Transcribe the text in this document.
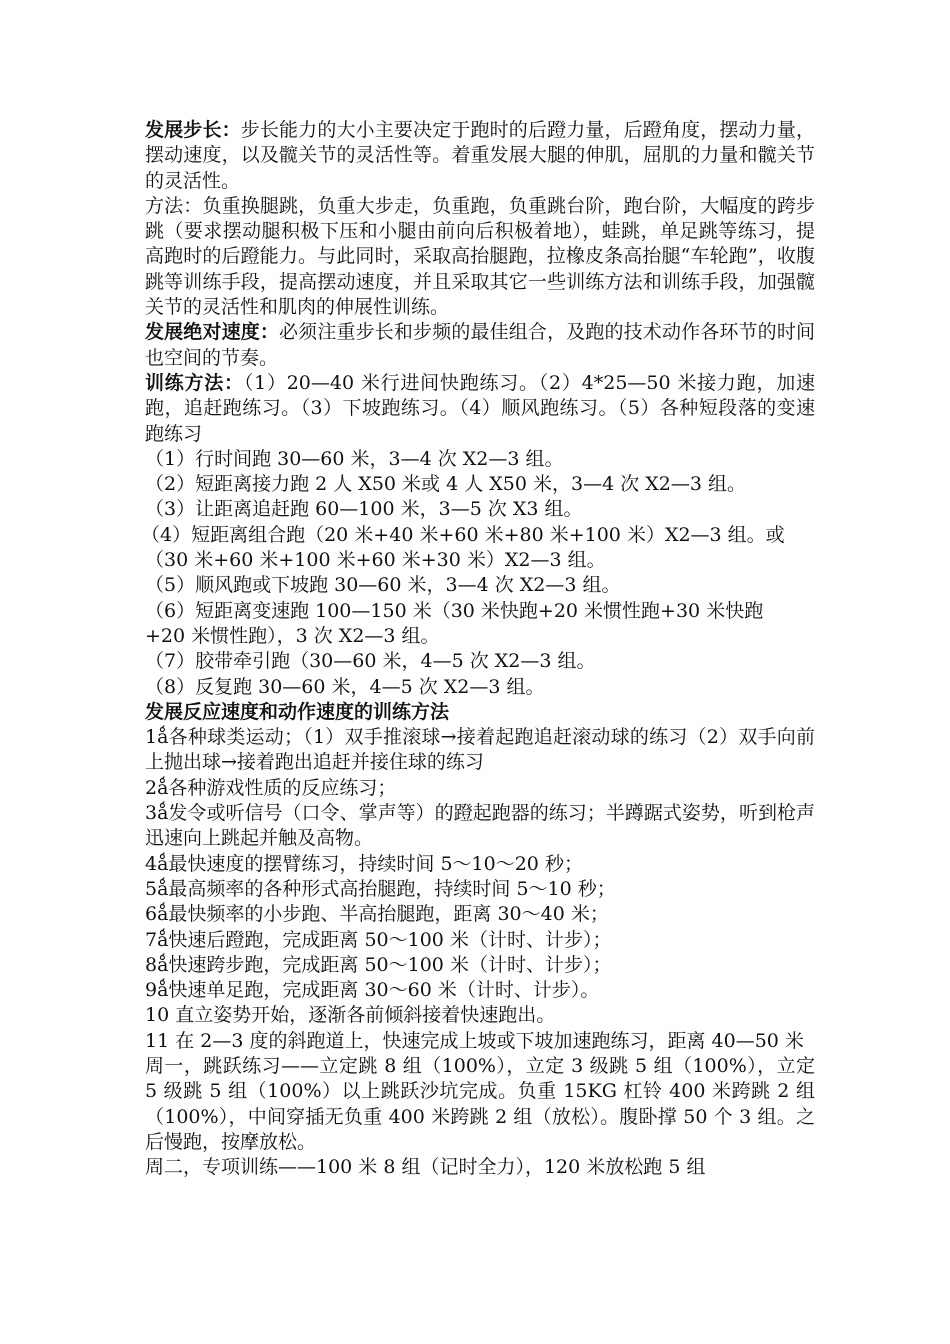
发展步长：步长能力的大小主要决定于跑时的后蹬力量，后蹬角度，摆动力量，摆动速度，以及髋关节的灵活性等。着重发展大腿的伸肌，屈肌的力量和髋关节的灵活性。

方法：负重换腿跳，负重大步走，负重跑，负重跳台阶，跑台阶，大幅度的跨步跳（要求摆动腿积极下压和小腿由前向后积极着地），蛙跳，单足跳等练习，提高跑时的后蹬能力。与此同时，采取高抬腿跑，拉橡皮条高抬腿“车轮跑”，收腹跳等训练手段，提高摆动速度，并且采取其它一些训练方法和训练手段，加强髋关节的灵活性和肌肉的伸展性训练。

发展绝对速度：必须注重步长和步频的最佳组合，及跑的技术动作各环节的时间也空间的节奏。

训练方法：（1）20—40 米行进间快跑练习。（2）4*25—50 米接力跑，加速跑，追赶跑练习。（3）下坡跑练习。（4）顺风跑练习。（5）各种短段落的变速跑练习

（1）行时间跑 30—60 米，3—4 次 X2—3 组。

（2）短距离接力跑 2 人 X50 米或 4 人 X50 米，3—4 次 X2—3 组。

（3）让距离追赶跑 60—100 米，3—5 次 X3 组。

（4）短距离组合跑（20 米+40 米+60 米+80 米+100 米）X2—3 组。或

（30 米+60 米+100 米+60 米+30 米）X2—3 组。

（5）顺风跑或下坡跑 30—60 米，3—4 次 X2—3 组。

（6）短距离变速跑 100—150 米（30 米快跑+20 米惯性跑+30 米快跑

+20 米惯性跑），3 次 X2—3 组。

（7）胶带牵引跑（30—60 米，4—5 次 X2—3 组。

（8）反复跑 30—60 米，4—5 次 X2—3 组。

发展反应速度和动作速度的训练方法

1ǻ各种球类运动；（1）双手推滚球→接着起跑追赶滚动球的练习（2）双手向前上抛出球→接着跑出追赶并接住球的练习

2ǻ各种游戏性质的反应练习；

3ǻ发令或听信号（口令、掌声等）的蹬起跑器的练习；半蹲踞式姿势，听到枪声迅速向上跳起并触及高物。

4ǻ最快速度的摆臂练习，持续时间 5～10～20 秒；

5ǻ最高频率的各种形式高抬腿跑，持续时间 5～10 秒；

6ǻ最快频率的小步跑、半高抬腿跑，距离 30～40 米；

7ǻ快速后蹬跑，完成距离 50～100 米（计时、计步）；

8ǻ快速跨步跑，完成距离 50～100 米（计时、计步）；

9ǻ快速单足跑，完成距离 30～60 米（计时、计步）。

10 直立姿势开始，逐渐各前倾斜接着快速跑出。

11 在 2—3 度的斜跑道上，快速完成上坡或下坡加速跑练习，距离 40—50 米

周一，跳跃练习——立定跳 8 组（100%），立定 3 级跳 5 组（100%），立定 5 级跳 5 组（100%）以上跳跃沙坑完成。负重 15KG 杠铃 400 米跨跳 2 组（100%），中间穿插无负重 400 米跨跳 2 组（放松）。腹卧撑 50 个 3 组。之后慢跑，按摩放松。

周二，专项训练——100 米 8 组（记时全力），120 米放松跑 5 组
